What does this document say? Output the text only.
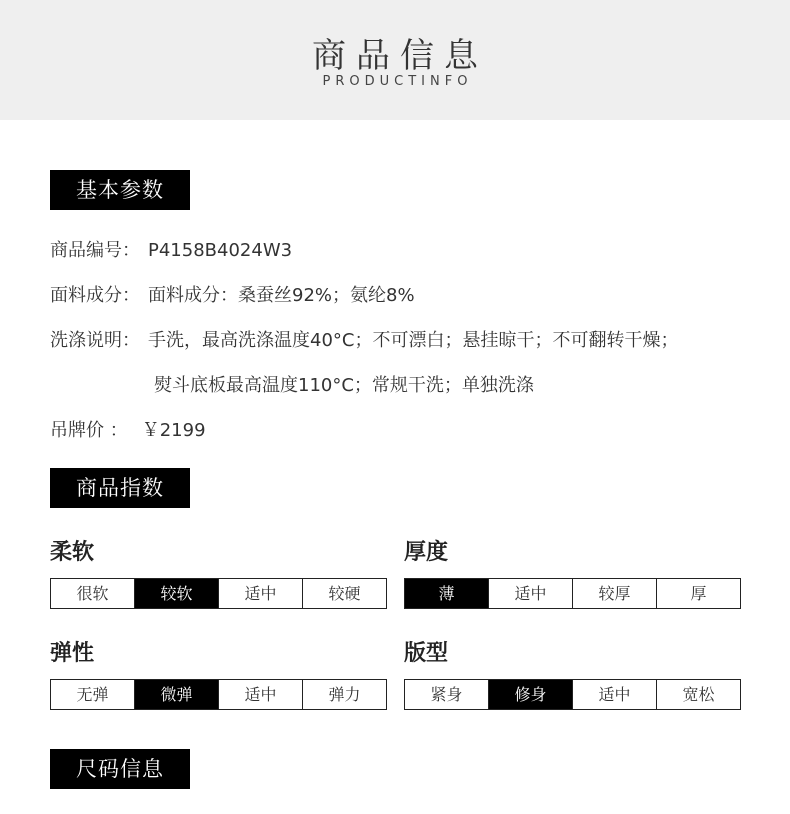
商品信息
PRODUCTINFO
基本参数
商品编号： P4158B4024W3
面料成分： 面料成分：桑蚕丝92%；氨纶8%
洗涤说明： 手洗，最高洗涤温度40°C；不可漂白；悬挂晾干；不可翻转干燥；
熨斗底板最高温度110°C；常规干洗；单独洗涤
吊牌价 ： ￥2199
商品指数
柔软
很软	较软	适中	较硬
厚度
薄	适中	较厚	厚
弹性
无弹	微弹	适中	弹力
版型
紧身	修身	适中	宽松
尺码信息
